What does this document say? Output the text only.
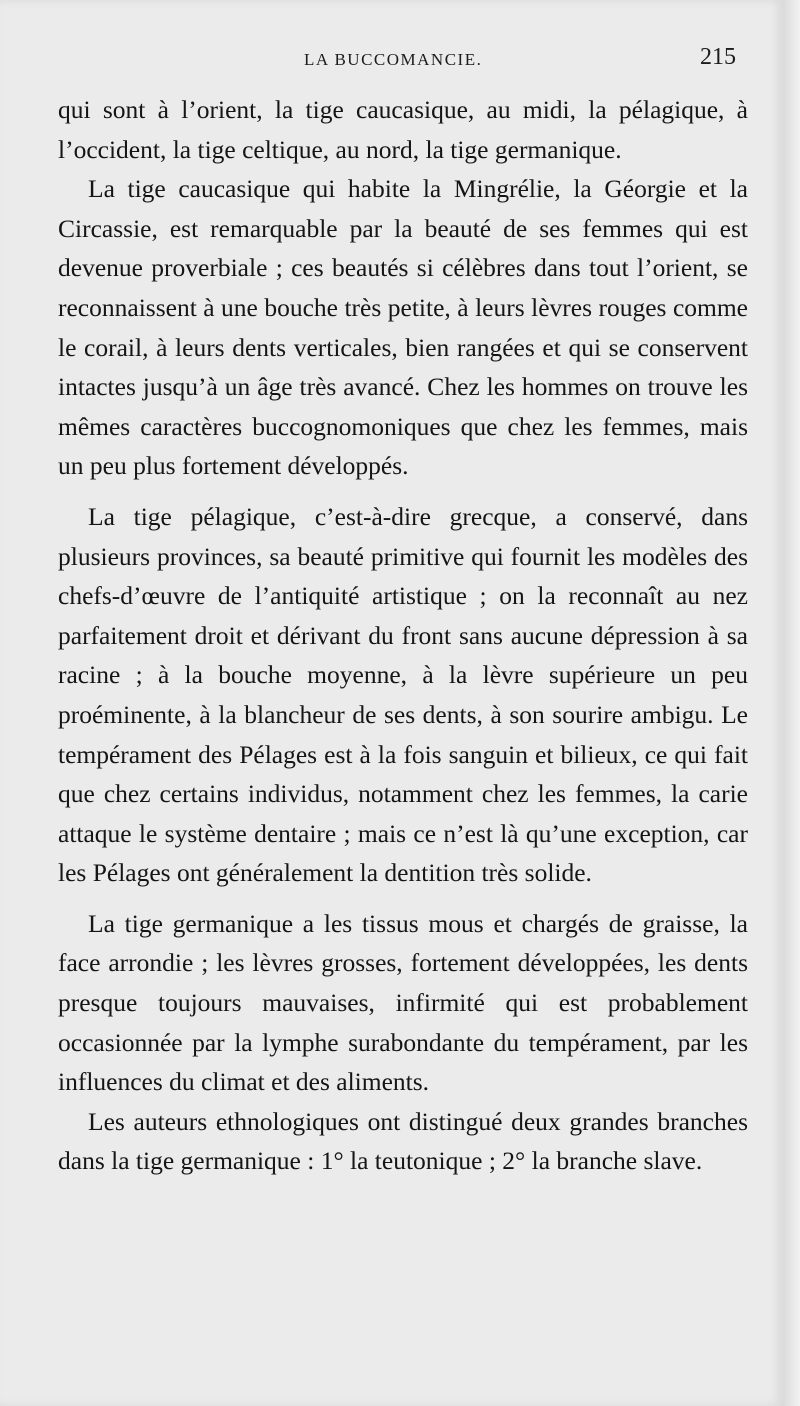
LA BUCCOMANCIE.	215

qui sont à l’orient, la tige caucasique, au midi, la pélagique, à l’occident, la tige celtique, au nord, la tige germanique.

La tige caucasique qui habite la Mingrélie, la Géorgie et la Circassie, est remarquable par la beauté de ses femmes qui est devenue proverbiale ; ces beautés si célèbres dans tout l’orient, se reconnaissent à une bouche très petite, à leurs lèvres rouges comme le corail, à leurs dents verticales, bien rangées et qui se conservent intactes jusqu’à un âge très avancé. Chez les hommes on trouve les mêmes caractères buccognomoniques que chez les femmes, mais un peu plus fortement développés.

La tige pélagique, c’est-à-dire grecque, a conservé, dans plusieurs provinces, sa beauté primitive qui fournit les modèles des chefs-d’œuvre de l’antiquité artistique ; on la reconnaît au nez parfaitement droit et dérivant du front sans aucune dépression à sa racine ; à la bouche moyenne, à la lèvre supérieure un peu proéminente, à la blancheur de ses dents, à son sourire ambigu. Le tempérament des Pélages est à la fois sanguin et bilieux, ce qui fait que chez certains individus, notamment chez les femmes, la carie attaque le système dentaire ; mais ce n’est là qu’une exception, car les Pélages ont généralement la dentition très solide.

La tige germanique a les tissus mous et chargés de graisse, la face arrondie ; les lèvres grosses, fortement développées, les dents presque toujours mauvaises, infirmité qui est probablement occasionnée par la lymphe surabondante du tempérament, par les influences du climat et des aliments.

Les auteurs ethnologiques ont distingué deux grandes branches dans la tige germanique : 1° la teutonique ; 2° la branche slave.
